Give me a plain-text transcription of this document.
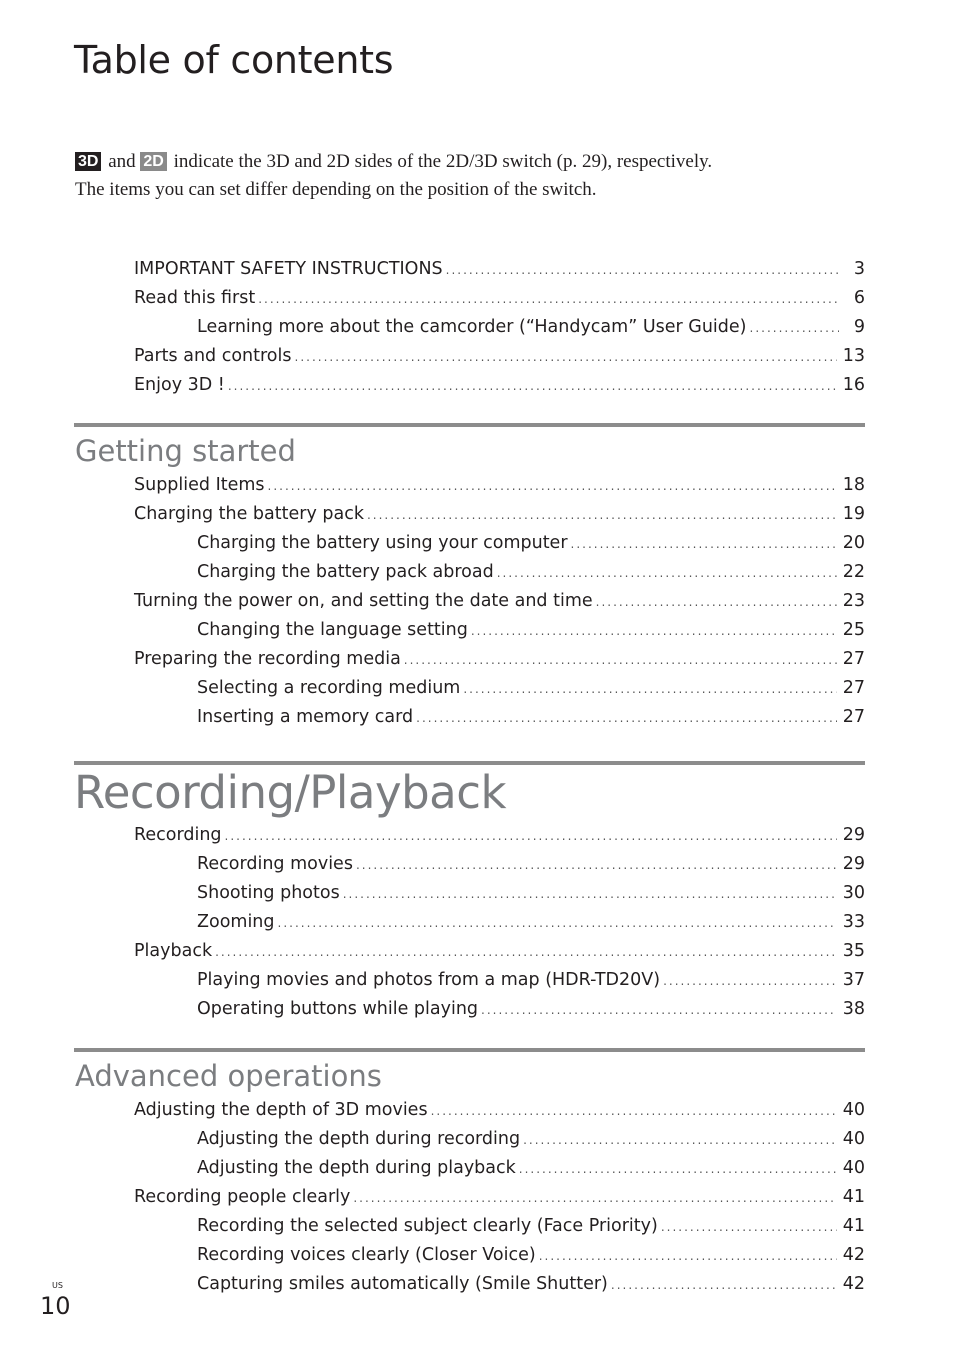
Table of contents
3D and 2D indicate the 3D and 2D sides of the 2D/3D switch (p. 29), respectively.
The items you can set differ depending on the position of the switch.
IMPORTANT SAFETY INSTRUCTIONS .....	3
Read this first .....	6
Learning more about the camcorder (“Handycam” User Guide) .....	9
Parts and controls .....	13
Enjoy 3D ! .....	16
Getting started
Supplied Items .....	18
Charging the battery pack .....	19
Charging the battery using your computer .....	20
Charging the battery pack abroad .....	22
Turning the power on, and setting the date and time .....	23
Changing the language setting .....	25
Preparing the recording media .....	27
Selecting a recording medium .....	27
Inserting a memory card .....	27
Recording/Playback
Recording .....	29
Recording movies .....	29
Shooting photos .....	30
Zooming .....	33
Playback .....	35
Playing movies and photos from a map (HDR-TD20V) .....	37
Operating buttons while playing .....	38
Advanced operations
Adjusting the depth of 3D movies .....	40
Adjusting the depth during recording .....	40
Adjusting the depth during playback .....	40
Recording people clearly .....	41
Recording the selected subject clearly (Face Priority) .....	41
Recording voices clearly (Closer Voice) .....	42
Capturing smiles automatically (Smile Shutter) .....	42
US
10
